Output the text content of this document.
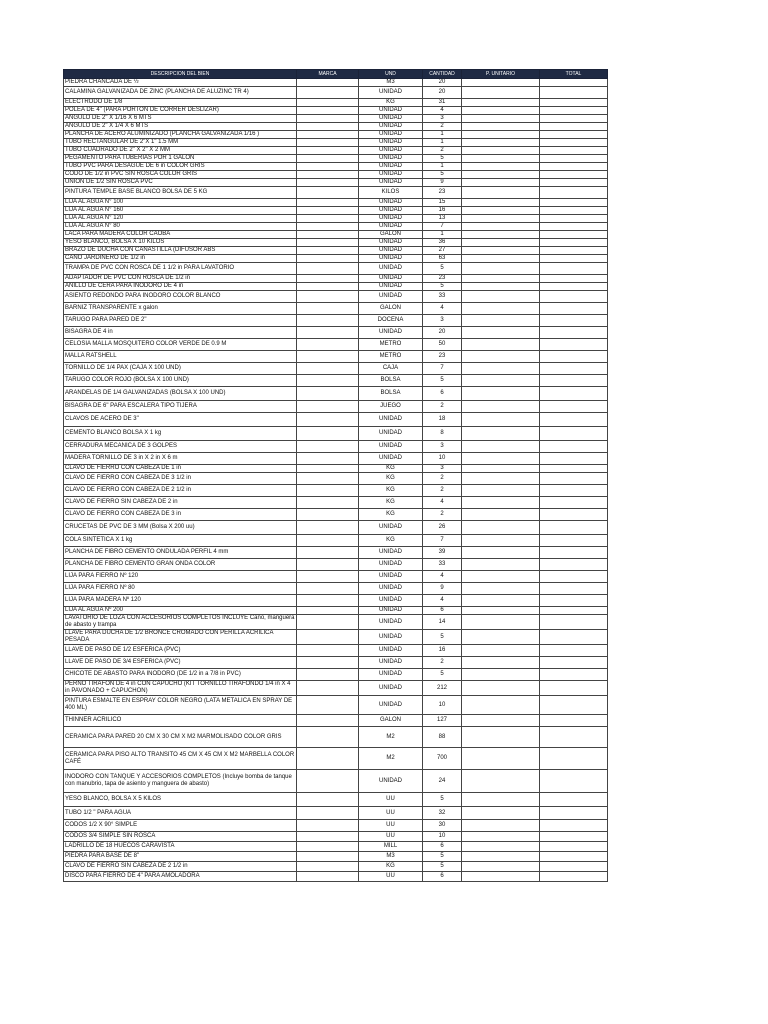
DESCRIPCION DEL BIEN	MARCA	UND	CANTIDAD	P. UNITARIO	TOTAL
PIEDRA CHANCADA DE ½		M3	20		
CALAMINA GALVANIZADA DE ZINC (PLANCHA DE ALUZINC TR 4)		UNIDAD	20		
ELECTRODO DE 1/8		KG	31		
POLEA DE 4" (PARA PORTON DE CORRER DESLIZAR)		UNIDAD	4		
ANGULO DE 2" X 1/16 X 6 MTS		UNIDAD	3		
ANGULO DE 2" X 1/4 X 6 MTS		UNIDAD	2		
PLANCHA DE ACERO ALUMINIZADO (PLANCHA GALVANIZADA 1/16 )		UNIDAD	1		
TUBO RECTANGULAR DE 2"X 1" 1.5 MM		UNIDAD	1		
TUBO CUADRADO DE 2" X 2" X 2 MM		UNIDAD	2		
PEGAMENTO PARA TUBERIAS POR 1 GALON		UNIDAD	5		
TUBO PVC PARA DESAGUE DE 6 in COLOR GRIS		UNIDAD	1		
CODO DE 1/2 in PVC SIN ROSCA COLOR GRIS		UNIDAD	5		
UNION DE 1/2 SIN ROSCA PVC		UNIDAD	9		
PINTURA TEMPLE BASE BLANCO BOLSA DE 5 KG		KILOS	23		
LIJA AL AGUA N° 100		UNIDAD	15		
LIJA AL AGUA N° 160		UNIDAD	16		
LIJA AL AGUA N° 120		UNIDAD	13		
LIJA AL AGUA N° 80		UNIDAD	7		
LACA PARA MADERA COLOR CAOBA		GALON	1		
YESO BLANCO, BOLSA X 10 KILOS		UNIDAD	36		
BRAZO DE DUCHA CON CANASTILLA (DIFUSOR ABS		UNIDAD	27		
CAÑO JARDINERO DE 1/2 in		UNIDAD	63		
TRAMPA DE PVC CON ROSCA DE 1 1/2 in PARA LAVATORIO		UNIDAD	5		
ADAPTADOR DE PVC CON ROSCA DE 1/2 in		UNIDAD	23		
ANILLO DE CERA PARA INODORO DE 4 in		UNIDAD	5		
ASIENTO REDONDO PARA INODORO COLOR BLANCO		UNIDAD	33		
BARNIZ TRANSPARENTE x galon		GALON	4		
TARUGO PARA PARED DE 2"		DOCENA	3		
BISAGRA DE 4 in		UNIDAD	20		
CELOSIA MALLA MOSQUITERO COLOR VERDE DE 0.9 M		METRO	50		
MALLA RATSHELL		METRO	23		
TORNILLO DE 1/4 PAX (CAJA X 100 UND)		CAJA	7		
TARUGO COLOR ROJO (BOLSA X 100 UND)		BOLSA	5		
ARANDELAS DE 1/4 GALVANIZADAS (BOLSA X 100 UND)		BOLSA	6		
BISAGRA DE 6" PARA ESCALERA TIPO TIJERA		JUEGO	2		
CLAVOS DE ACERO DE 3"		UNIDAD	18		
CEMENTO BLANCO BOLSA X 1 kg		UNIDAD	8		
CERRADURA MECANICA DE 3 GOLPES		UNIDAD	3		
MADERA TORNILLO DE 3 in X 2 in X 6 m		UNIDAD	10		
CLAVO DE FIERRO CON CABEZA DE 1 in		KG	3		
CLAVO DE FIERRO CON CABEZA DE 3 1/2 in		KG	2		
CLAVO DE FIERRO CON CABEZA DE 2 1/2 in		KG	2		
CLAVO DE FIERRO SIN CABEZA DE 2 in		KG	4		
CLAVO DE FIERRO CON CABEZA DE 3 in		KG	2		
CRUCETAS DE PVC DE 3 MM (Bolsa X 200 uu)		UNIDAD	26		
COLA SINTETICA X 1 kg		KG	7		
PLANCHA DE FIBRO CEMENTO ONDULADA PERFIL 4 mm		UNIDAD	39		
PLANCHA DE FIBRO CEMENTO GRAN ONDA COLOR		UNIDAD	33		
LIJA PARA FIERRO Nº 120		UNIDAD	4		
LIJA PARA FIERRO Nº 80		UNIDAD	9		
LIJA PARA MADERA Nº 120		UNIDAD	4		
LIJA AL AGUA Nº 200		UNIDAD	6		
LAVATORIO DE LOZA CON ACCESORIOS COMPLETOS INCLUYE Caño, manguera de abasto y trampa		UNIDAD	14		
LLAVE PARA DUCHA DE 1/2 BRONCE CROMADO CON PERILLA ACRILICA PESADA		UNIDAD	5		
LLAVE DE PASO DE 1/2 ESFERICA (PVC)		UNIDAD	16		
LLAVE DE PASO DE 3/4 ESFERICA (PVC)		UNIDAD	2		
CHICOTE DE ABASTO PARA INODORO (DE 1/2 in a 7/8 in PVC)		UNIDAD	5		
PERNO TIRAFON DE 4 in CON CAPUCHO (KIT TORNILLO TIRAFONDO 1/4 in X 4 in PAVONADO + CAPUCHON)		UNIDAD	212		
PINTURA ESMALTE EN ESPRAY COLOR NEGRO (LATA METALICA EN SPRAY DE 400 ML)		UNIDAD	10		
THINNER ACRILICO		GALON	127		
CERAMICA PARA PARED 20 CM X 30 CM X M2 MARMOLISADO COLOR GRIS		M2	88		
CERAMICA PARA PISO ALTO TRANSITO 45 CM X 45 CM X M2 MARBELLA COLOR CAFÉ		M2	700		
INODORO CON TANQUE Y ACCESORIOS COMPLETOS (Incluye bomba de tanque con manubrio, tapa de asiento y manguera de abasto)		UNIDAD	24		
YESO BLANCO, BOLSA X 5 KILOS		UU	5		
TUBO 1/2 " PARA AGUA		UU	32		
CODOS 1/2 X 90° SIMPLE		UU	30		
CODOS 3/4 SIMPLE SIN ROSCA		UU	10		
LADRILLO DE 18 HUECOS CARAVISTA		MILL	6		
PIEDRA PARA BASE DE 8"		M3	5		
CLAVO DE FIERRO SIN CABEZA DE 2 1/2 in		KG	5		
DISCO PARA FIERRO DE 4" PARA AMOLADORA		UU	6		
